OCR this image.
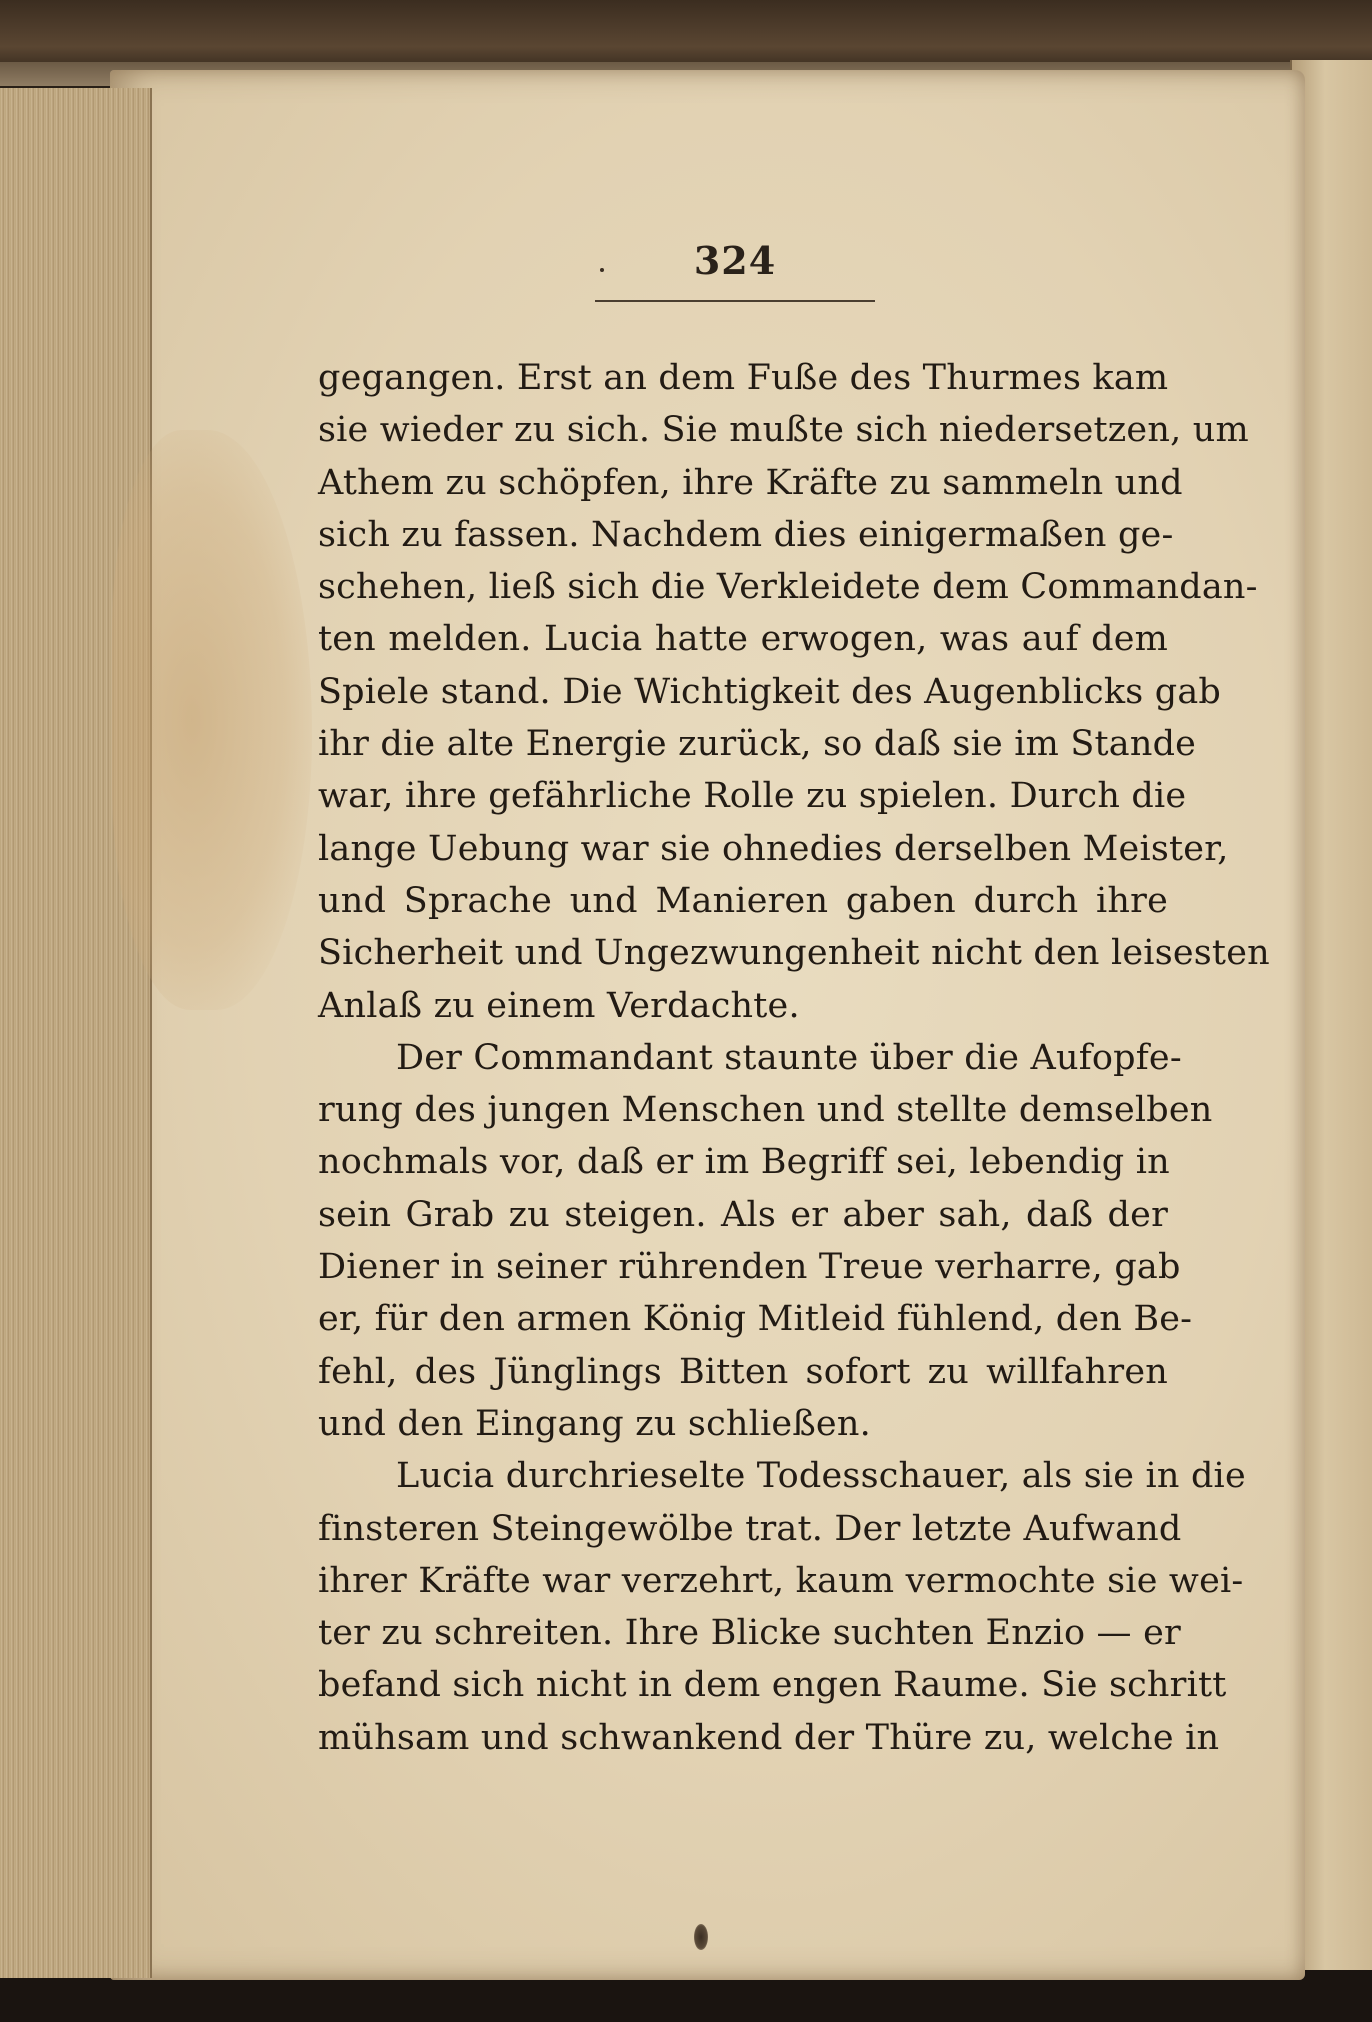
324
gegangen. Erst an dem Fuße des Thurmes kam
sie wieder zu sich. Sie mußte sich niedersetzen, um
Athem zu schöpfen, ihre Kräfte zu sammeln und
sich zu fassen. Nachdem dies einigermaßen ge-
schehen, ließ sich die Verkleidete dem Commandan-
ten melden. Lucia hatte erwogen, was auf dem
Spiele stand. Die Wichtigkeit des Augenblicks gab
ihr die alte Energie zurück, so daß sie im Stande
war, ihre gefährliche Rolle zu spielen. Durch die
lange Uebung war sie ohnedies derselben Meister,
und Sprache und Manieren gaben durch ihre
Sicherheit und Ungezwungenheit nicht den leisesten
Anlaß zu einem Verdachte.
Der Commandant staunte über die Aufopfe-
rung des jungen Menschen und stellte demselben
nochmals vor, daß er im Begriff sei, lebendig in
sein Grab zu steigen. Als er aber sah, daß der
Diener in seiner rührenden Treue verharre, gab
er, für den armen König Mitleid fühlend, den Be-
fehl, des Jünglings Bitten sofort zu willfahren
und den Eingang zu schließen.
Lucia durchrieselte Todesschauer, als sie in die
finsteren Steingewölbe trat. Der letzte Aufwand
ihrer Kräfte war verzehrt, kaum vermochte sie wei-
ter zu schreiten. Ihre Blicke suchten Enzio — er
befand sich nicht in dem engen Raume. Sie schritt
mühsam und schwankend der Thüre zu, welche in
